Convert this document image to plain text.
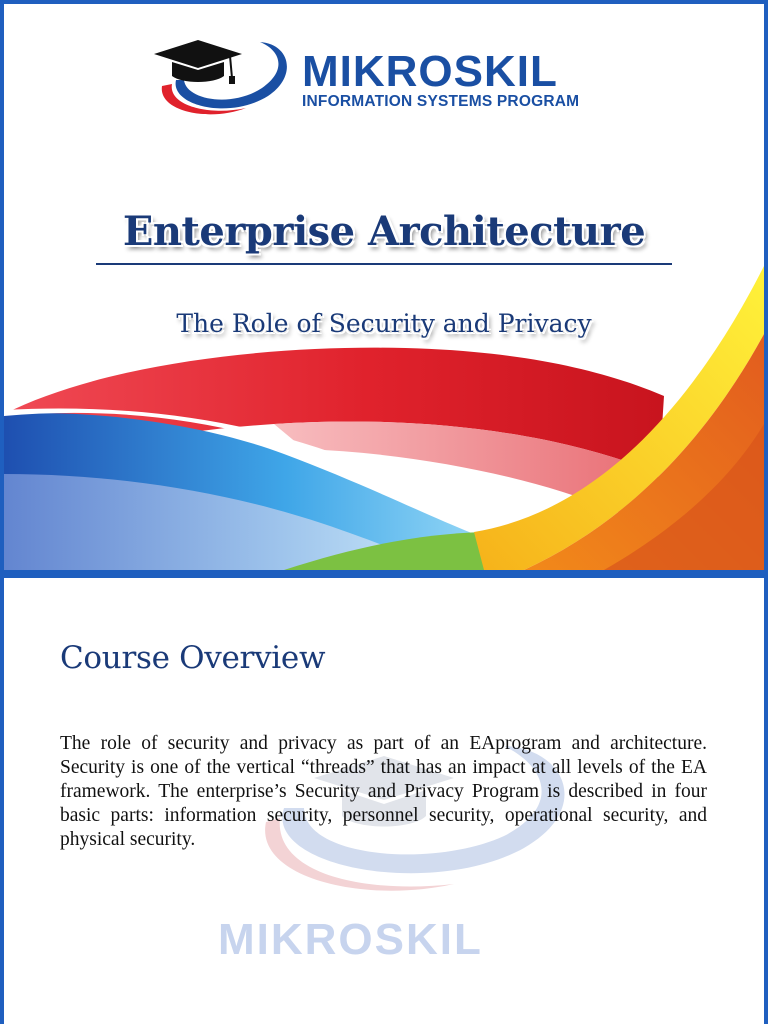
MIKROSKIL
INFORMATION SYSTEMS PROGRAM
Enterprise Architecture
The Role of Security and Privacy
MIKROSKIL
Course Overview
The role of security and privacy as part of an EAprogram and architecture. Security is one of the vertical “threads” that has an impact at all levels of the EA framework. The enterprise’s Security and Privacy Program is described in four basic parts: information security, personnel security, operational security, and physical security.
